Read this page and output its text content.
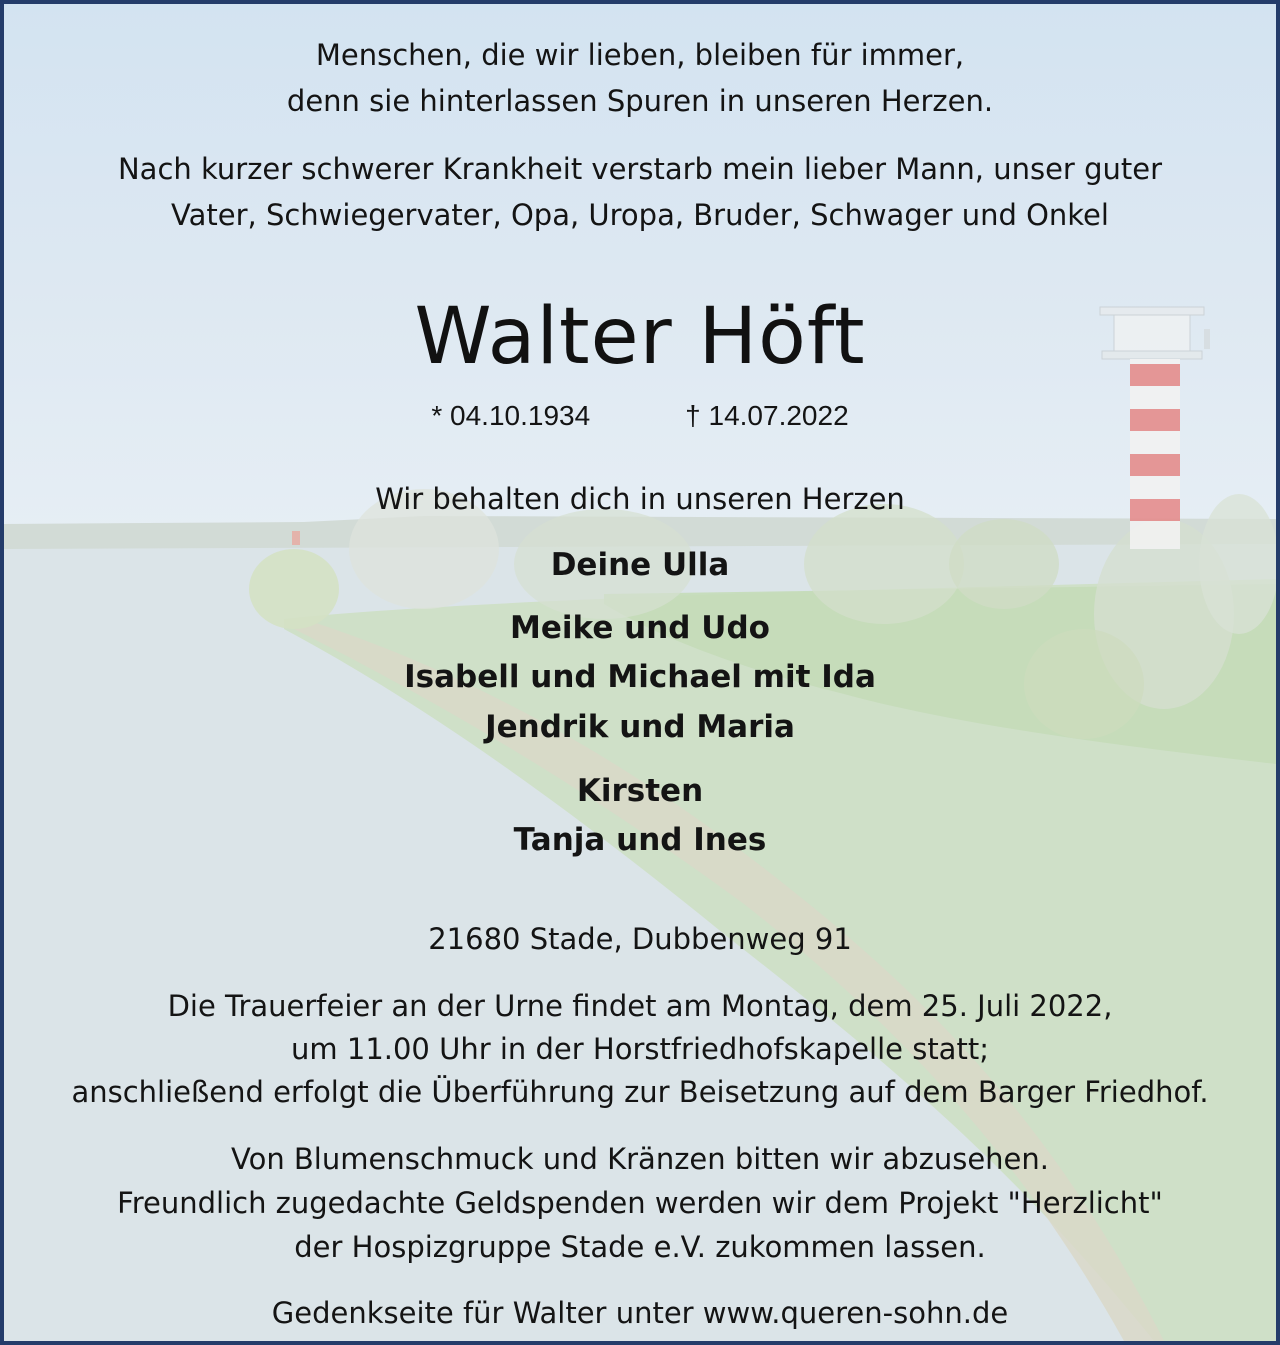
Menschen, die wir lieben, bleiben für immer,
denn sie hinterlassen Spuren in unseren Herzen.
Nach kurzer schwerer Krankheit verstarb mein lieber Mann, unser guter
Vater, Schwiegervater, Opa, Uropa, Bruder, Schwager und Onkel
Walter Höft
* 04.10.1934	† 14.07.2022
Wir behalten dich in unseren Herzen
Deine Ulla
Meike und Udo
Isabell und Michael mit Ida
Jendrik und Maria
Kirsten
Tanja und Ines
21680 Stade, Dubbenweg 91
Die Trauerfeier an der Urne findet am Montag, dem 25. Juli 2022,
um 11.00 Uhr in der Horstfriedhofskapelle statt;
anschließend erfolgt die Überführung zur Beisetzung auf dem Barger Friedhof.
Von Blumenschmuck und Kränzen bitten wir abzusehen.
Freundlich zugedachte Geldspenden werden wir dem Projekt "Herzlicht"
der Hospizgruppe Stade e.V. zukommen lassen.
Gedenkseite für Walter unter www.queren-sohn.de
